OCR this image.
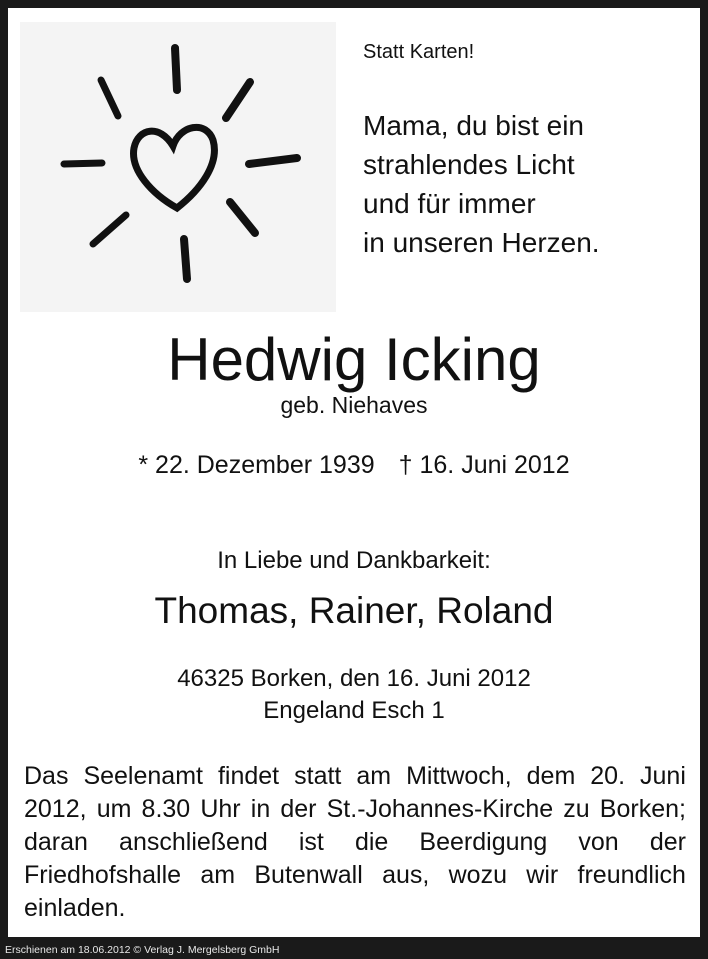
Statt Karten!
Mama, du bist ein
strahlendes Licht
und für immer
in unseren Herzen.
Hedwig Icking
geb. Niehaves
* 22. Dezember 1939 † 16. Juni 2012
In Liebe und Dankbarkeit:
Thomas, Rainer, Roland
46325 Borken, den 16. Juni 2012
Engeland Esch 1
Das Seelenamt findet statt am Mittwoch, dem 20. Juni
2012, um 8.30 Uhr in der St.-Johannes-Kirche zu Borken;
daran anschließend ist die Beerdigung von der
Friedhofshalle am Butenwall aus, wozu wir freundlich
einladen.
Erschienen am 18.06.2012 © Verlag J. Mergelsberg GmbH
